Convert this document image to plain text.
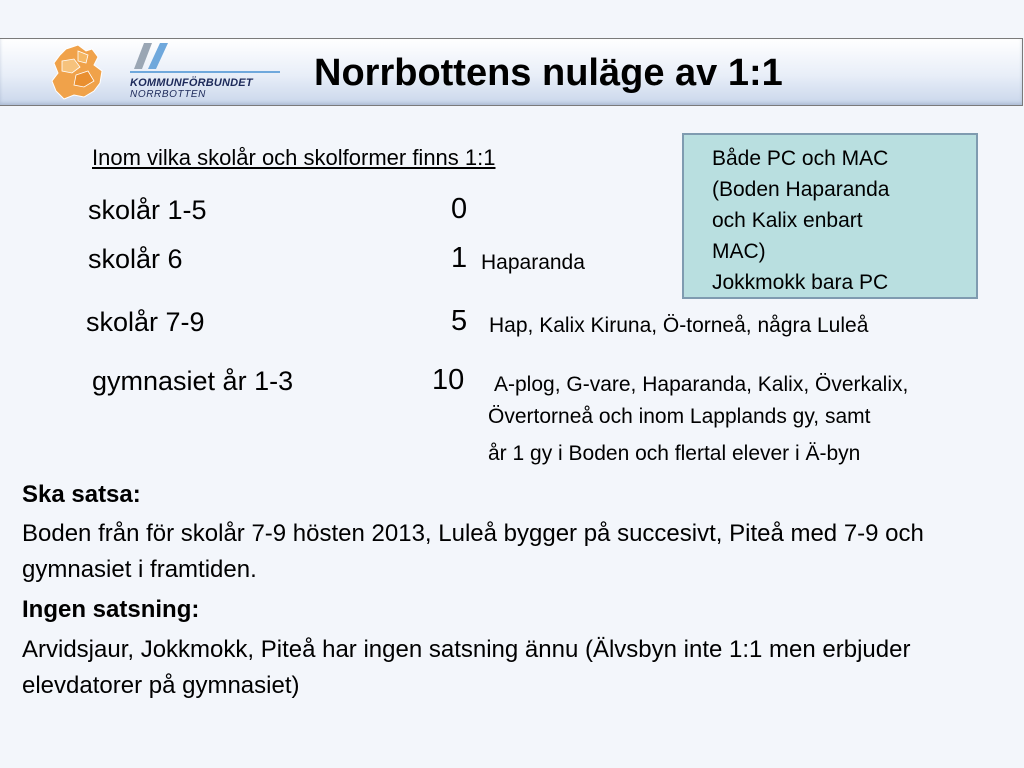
KOMMUNFÖRBUNDET
NORRBOTTEN
Norrbottens nuläge av 1:1
Inom vilka skolår och skolformer finns 1:1	Både PC och MAC
(Boden Haparanda
och Kalix enbart
MAC)
Jokkmokk bara PC
skolår 1-5	0
skolår 6	1 Haparanda
skolår 7-9	5 Hap, Kalix Kiruna, Ö-torneå, några Luleå
gymnasiet år 1-3	10 A-plog, G-vare, Haparanda, Kalix, Överkalix,
Övertorneå och inom Lapplands gy, samt
år 1 gy i Boden och flertal elever i Ä-byn
Ska satsa:
Boden från för skolår 7-9 hösten 2013, Luleå bygger på succesivt, Piteå med 7-9 och gymnasiet i framtiden.
Ingen satsning:
Arvidsjaur, Jokkmokk, Piteå har ingen satsning ännu (Älvsbyn inte 1:1 men erbjuder elevdatorer på gymnasiet)
